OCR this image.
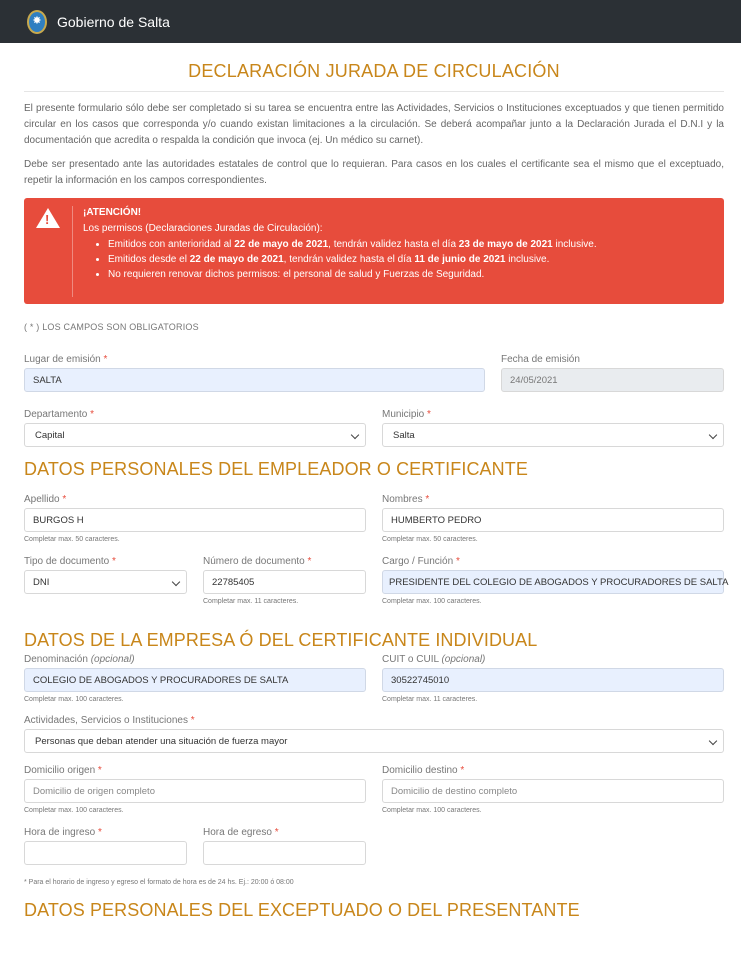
✸ Gobierno de Salta
DECLARACIÓN JURADA DE CIRCULACIÓN

El presente formulario sólo debe ser completado si su tarea se encuentra entre las Actividades, Servicios o Instituciones exceptuados y que tienen permitido circular en los casos que corresponda y/o cuando existan limitaciones a la circulación. Se deberá acompañar junto a la Declaración Jurada el D.N.I y la documentación que acredita o respalda la condición que invoca (ej. Un médico su carnet).

Debe ser presentado ante las autoridades estatales de control que lo requieran. Para casos en los cuales el certificante sea el mismo que el exceptuado, repetir la información en los campos correspondientes.

!
¡ATENCIÓN!
Los permisos (Declaraciones Juradas de Circulación):
• Emitidos con anterioridad al 22 de mayo de 2021, tendrán validez hasta el día 23 de mayo de 2021 inclusive.
• Emitidos desde el 22 de mayo de 2021, tendrán validez hasta el día 11 de junio de 2021 inclusive.
• No requieren renovar dichos permisos: el personal de salud y Fuerzas de Seguridad.
( * ) LOS CAMPOS SON OBLIGATORIOS
Lugar de emisión *
SALTA
Fecha de emisión
24/05/2021
Departamento *
Capital
Municipio *
Salta
DATOS PERSONALES DEL EMPLEADOR O CERTIFICANTE
Apellido *
BURGOS H
Completar max. 50 caracteres.
Nombres *
HUMBERTO PEDRO
Completar max. 50 caracteres.
Tipo de documento *
DNI
Número de documento *
22785405
Completar max. 11 caracteres.
Cargo / Función *
PRESIDENTE DEL COLEGIO DE ABOGADOS Y PROCURADORES DE SALTA
Completar max. 100 caracteres.
DATOS DE LA EMPRESA Ó DEL CERTIFICANTE INDIVIDUAL
Denominación (opcional)
COLEGIO DE ABOGADOS Y PROCURADORES DE SALTA
Completar max. 100 caracteres.
CUIT o CUIL (opcional)
30522745010
Completar max. 11 caracteres.
Actividades, Servicios o Instituciones *
Personas que deban atender una situación de fuerza mayor
Domicilio origen *
Domicilio de origen completo
Completar max. 100 caracteres.
Domicilio destino *
Domicilio de destino completo
Completar max. 100 caracteres.
Hora de ingreso *	Hora de egreso *
* Para el horario de ingreso y egreso el formato de hora es de 24 hs. Ej.: 20:00 ó 08:00
DATOS PERSONALES DEL EXCEPTUADO O DEL PRESENTANTE
